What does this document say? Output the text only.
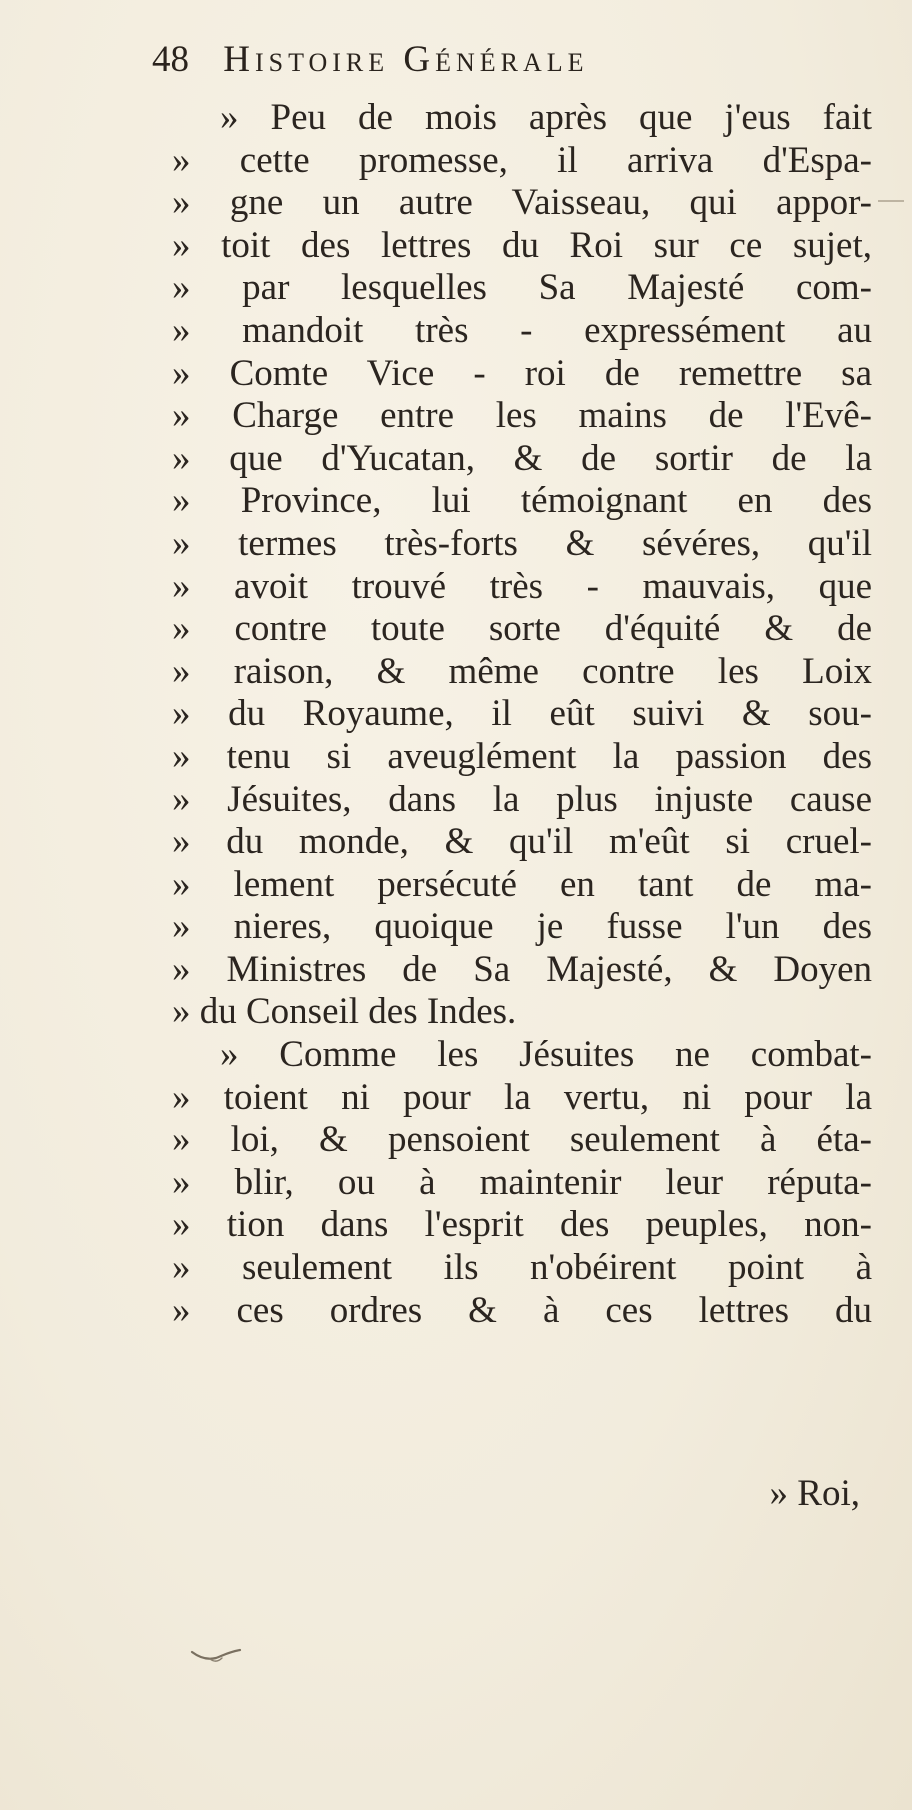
48 Histoire Générale
» Peu de mois après que j'eus fait
» cette promesse, il arriva d'Espa-
» gne un autre Vaisseau, qui appor-
» toit des lettres du Roi sur ce sujet,
» par lesquelles Sa Majesté com-
» mandoit très - expressément au
» Comte Vice - roi de remettre sa
» Charge entre les mains de l'Evê-
» que d'Yucatan, & de sortir de la
» Province, lui témoignant en des
» termes très-forts & sévéres, qu'il
» avoit trouvé très - mauvais, que
» contre toute sorte d'équité & de
» raison, & même contre les Loix
» du Royaume, il eût suivi & sou-
» tenu si aveuglément la passion des
» Jésuites, dans la plus injuste cause
» du monde, & qu'il m'eût si cruel-
» lement persécuté en tant de ma-
» nieres, quoique je fusse l'un des
» Ministres de Sa Majesté, & Doyen
» du Conseil des Indes.
» Comme les Jésuites ne combat-
» toient ni pour la vertu, ni pour la
» loi, & pensoient seulement à éta-
» blir, ou à maintenir leur réputa-
» tion dans l'esprit des peuples, non-
» seulement ils n'obéirent point à
» ces ordres & à ces lettres du
» Roi,
